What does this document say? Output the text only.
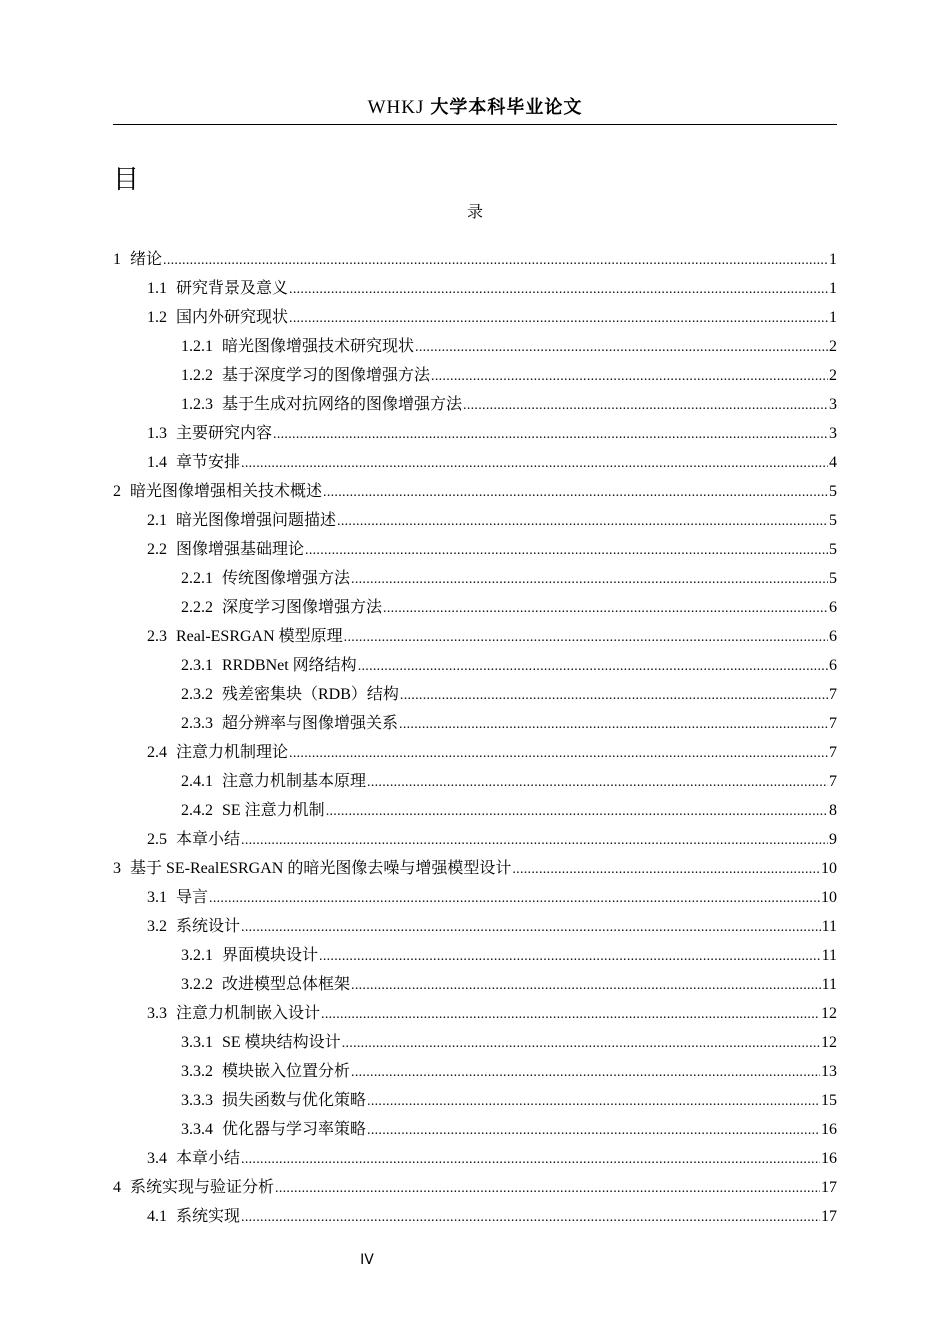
WHKJ 大学本科毕业论文
目
录
1 绪论 .....	1
1.1 研究背景及意义 .....	1
1.2 国内外研究现状 .....	1
1.2.1 暗光图像增强技术研究现状 .....	2
1.2.2 基于深度学习的图像增强方法 .....	2
1.2.3 基于生成对抗网络的图像增强方法 .....	3
1.3 主要研究内容 .....	3
1.4 章节安排 .....	4
2 暗光图像增强相关技术概述 .....	5
2.1 暗光图像增强问题描述 .....	5
2.2 图像增强基础理论 .....	5
2.2.1 传统图像增强方法 .....	5
2.2.2 深度学习图像增强方法 .....	6
2.3 Real-ESRGAN 模型原理 .....	6
2.3.1 RRDBNet 网络结构 .....	6
2.3.2 残差密集块（RDB）结构 .....	7
2.3.3 超分辨率与图像增强关系 .....	7
2.4 注意力机制理论 .....	7
2.4.1 注意力机制基本原理 .....	7
2.4.2 SE 注意力机制 .....	8
2.5 本章小结 .....	9
3 基于 SE-RealESRGAN 的暗光图像去噪与增强模型设计 .....	10
3.1 导言 .....	10
3.2 系统设计 .....	11
3.2.1 界面模块设计 .....	11
3.2.2 改进模型总体框架 .....	11
3.3 注意力机制嵌入设计 .....	12
3.3.1 SE 模块结构设计 .....	12
3.3.2 模块嵌入位置分析 .....	13
3.3.3 损失函数与优化策略 .....	15
3.3.4 优化器与学习率策略 .....	16
3.4 本章小结 .....	16
4 系统实现与验证分析 .....	17
4.1 系统实现 .....	17
IV
